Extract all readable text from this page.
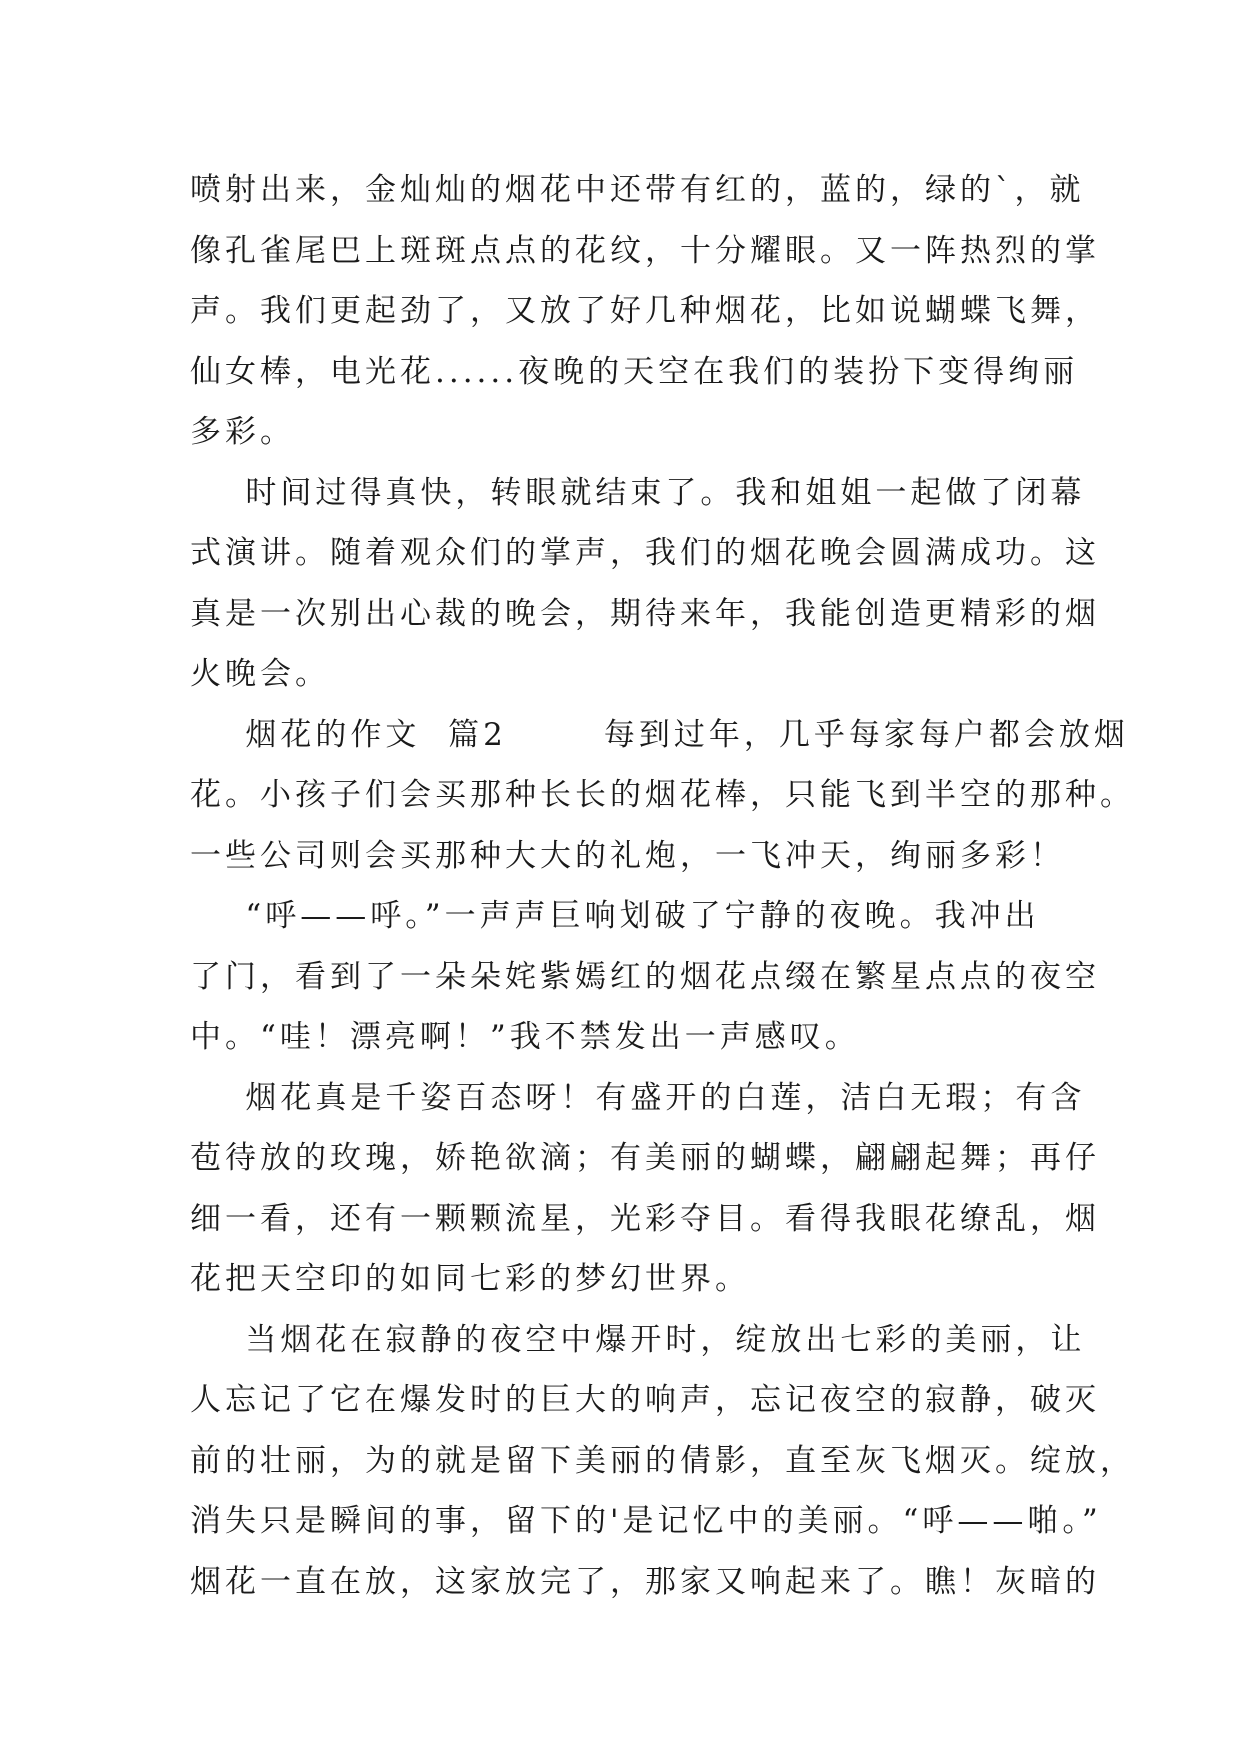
喷射出来，金灿灿的烟花中还带有红的，蓝的，绿的`，就
像孔雀尾巴上斑斑点点的花纹，十分耀眼。又一阵热烈的掌
声。我们更起劲了，又放了好几种烟花，比如说蝴蝶飞舞，
仙女棒，电光花......夜晚的天空在我们的装扮下变得绚丽
多彩。
时间过得真快，转眼就结束了。我和姐姐一起做了闭幕
式演讲。随着观众们的掌声，我们的烟花晚会圆满成功。这
真是一次别出心裁的晚会，期待来年，我能创造更精彩的烟
火晚会。
烟花的作文  篇2       每到过年，几乎每家每户都会放烟
花。小孩子们会买那种长长的烟花棒，只能飞到半空的那种。
一些公司则会买那种大大的礼炮，一飞冲天，绚丽多彩！
“呼——呼。”一声声巨响划破了宁静的夜晚。我冲出
了门，看到了一朵朵姹紫嫣红的烟花点缀在繁星点点的夜空
中。“哇！漂亮啊！”我不禁发出一声感叹。
烟花真是千姿百态呀！有盛开的白莲，洁白无瑕；有含
苞待放的玫瑰，娇艳欲滴；有美丽的蝴蝶，翩翩起舞；再仔
细一看，还有一颗颗流星，光彩夺目。看得我眼花缭乱，烟
花把天空印的如同七彩的梦幻世界。
当烟花在寂静的夜空中爆开时，绽放出七彩的美丽，让
人忘记了它在爆发时的巨大的响声，忘记夜空的寂静，破灭
前的壮丽，为的就是留下美丽的倩影，直至灰飞烟灭。绽放，
消失只是瞬间的事，留下的'是记忆中的美丽。“呼——啪。”
烟花一直在放，这家放完了，那家又响起来了。瞧！灰暗的
